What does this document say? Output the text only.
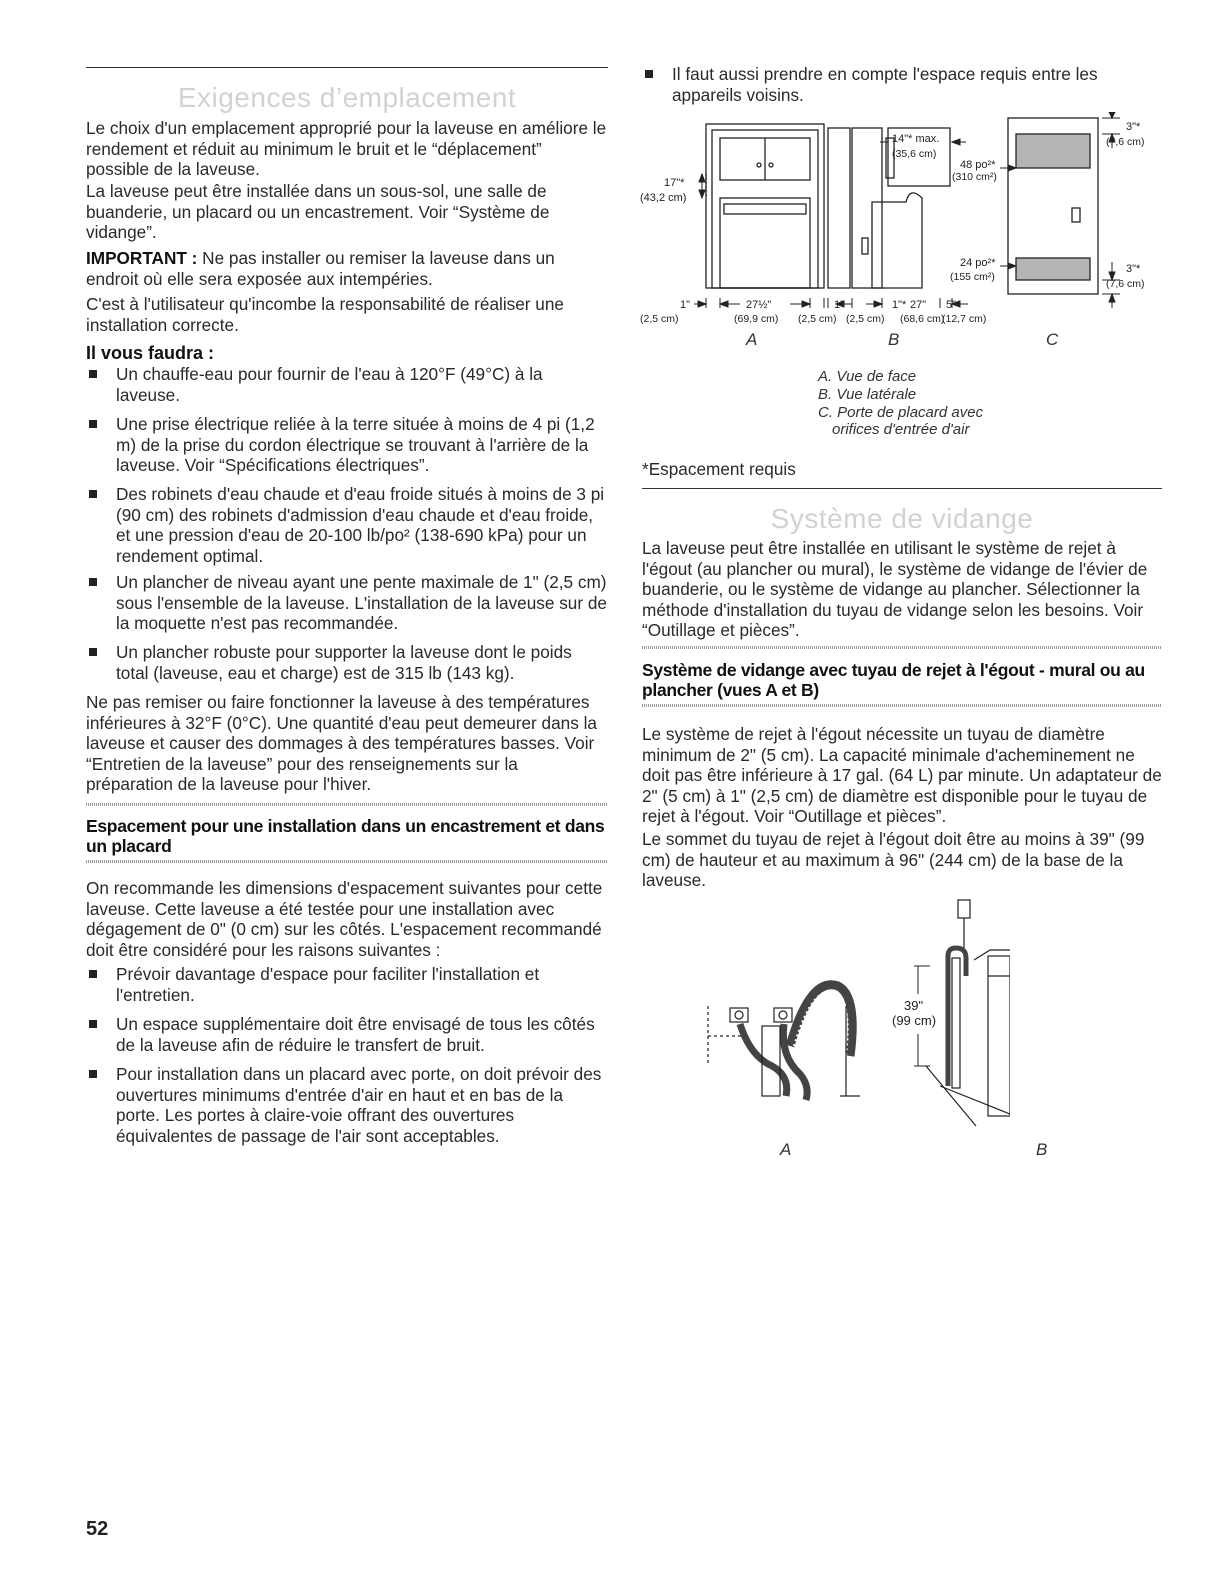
Exigences d’emplacement

Le choix d'un emplacement approprié pour la laveuse en améliore le rendement et réduit au minimum le bruit et le “déplacement” possible de la laveuse.

La laveuse peut être installée dans un sous-sol, une salle de buanderie, un placard ou un encastrement. Voir “Système de vidange”.

IMPORTANT : Ne pas installer ou remiser la laveuse dans un endroit où elle sera exposée aux intempéries.

C'est à l'utilisateur qu'incombe la responsabilité de réaliser une installation correcte.

Il vous faudra :

Un chauffe-eau pour fournir de l'eau à 120°F (49°C) à la laveuse.
Une prise électrique reliée à la terre située à moins de 4 pi (1,2 m) de la prise du cordon électrique se trouvant à l'arrière de la laveuse. Voir “Spécifications électriques”.
Des robinets d'eau chaude et d'eau froide situés à moins de 3 pi (90 cm) des robinets d'admission d'eau chaude et d'eau froide, et une pression d'eau de 20-100 lb/po² (138-690 kPa) pour un rendement optimal.
Un plancher de niveau ayant une pente maximale de 1" (2,5 cm) sous l'ensemble de la laveuse. L'installation de la laveuse sur de la moquette n'est pas recommandée.
Un plancher robuste pour supporter la laveuse dont le poids total (laveuse, eau et charge) est de 315 lb (143 kg).

Ne pas remiser ou faire fonctionner la laveuse à des températures inférieures à 32°F (0°C). Une quantité d'eau peut demeurer dans la laveuse et causer des dommages à des températures basses. Voir “Entretien de la laveuse” pour des renseignements sur la préparation de la laveuse pour l'hiver.

Espacement pour une installation dans un encastrement et dans un placard

On recommande les dimensions d'espacement suivantes pour cette laveuse. Cette laveuse a été testée pour une installation avec dégagement de 0" (0 cm) sur les côtés. L'espacement recommandé doit être considéré pour les raisons suivantes :

Prévoir davantage d'espace pour faciliter l'installation et l'entretien.
Un espace supplémentaire doit être envisagé de tous les côtés de la laveuse afin de réduire le transfert de bruit.
Pour installation dans un placard avec porte, on doit prévoir des ouvertures minimums d'entrée d'air en haut et en bas de la porte. Les portes à claire-voie offrant des ouvertures équivalentes de passage de l'air sont acceptables.
Il faut aussi prendre en compte l'espace requis entre les appareils voisins.
17"*
(43,2 cm)
1"
(2,5 cm)
27½"
(69,9 cm)
14"* max.
(35,6 cm)
48 po²*
(310 cm²)
24 po²*
(155 cm²)
1"
(2,5 cm)
1"*
(2,5 cm)
27"
(68,6 cm)
5"*
(12,7 cm)
3"*
(7,6 cm)
3"*
(7,6 cm)
A	B	C
A. Vue de face
B. Vue latérale
C. Porte de placard avec
orifices d'entrée d'air

*Espacement requis

Système de vidange

La laveuse peut être installée en utilisant le système de rejet à l'égout (au plancher ou mural), le système de vidange de l'évier de buanderie, ou le système de vidange au plancher. Sélectionner la méthode d'installation du tuyau de vidange selon les besoins. Voir “Outillage et pièces”.

Système de vidange avec tuyau de rejet à l'égout - mural ou au plancher (vues A et B)

Le système de rejet à l'égout nécessite un tuyau de diamètre minimum de 2" (5 cm). La capacité minimale d'acheminement ne doit pas être inférieure à 17 gal. (64 L) par minute. Un adaptateur de 2" (5 cm) à 1" (2,5 cm) de diamètre est disponible pour le tuyau de rejet à l'égout. Voir “Outillage et pièces”.

Le sommet du tuyau de rejet à l'égout doit être au moins à 39" (99 cm) de hauteur et au maximum à 96" (244 cm) de la base de la laveuse.

39"
(99 cm)
A	B
52
